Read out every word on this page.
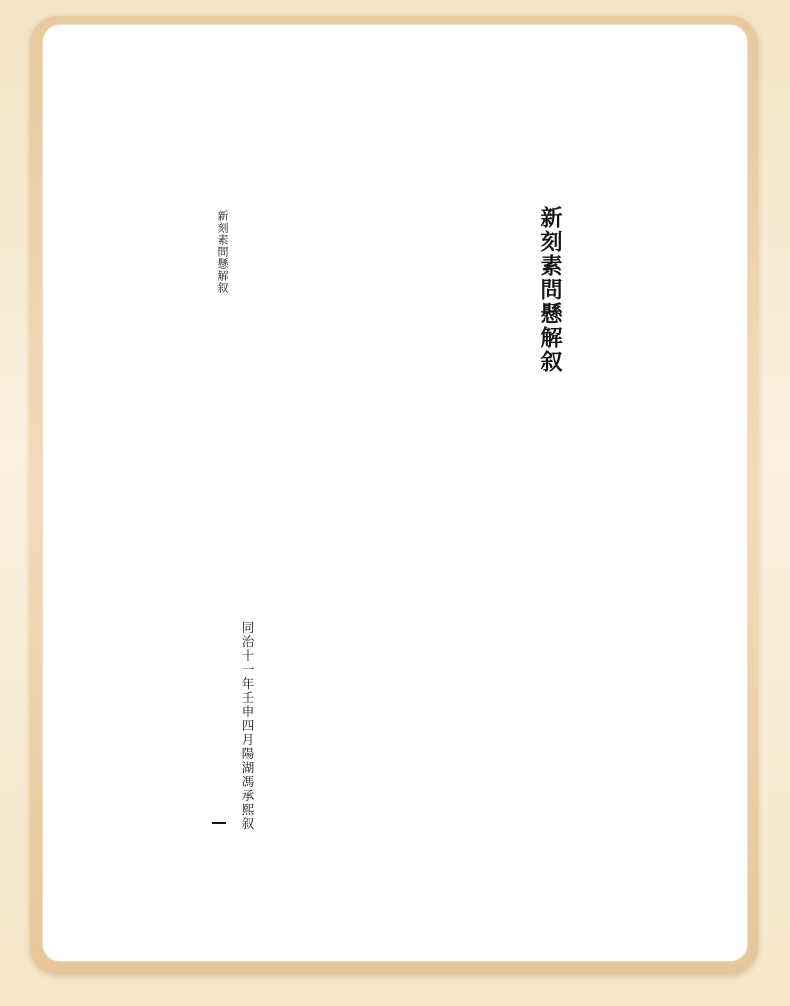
新刻素問懸解叙
同治十一年壬申四月陽湖馮承熙叙
新刻素問懸解叙
